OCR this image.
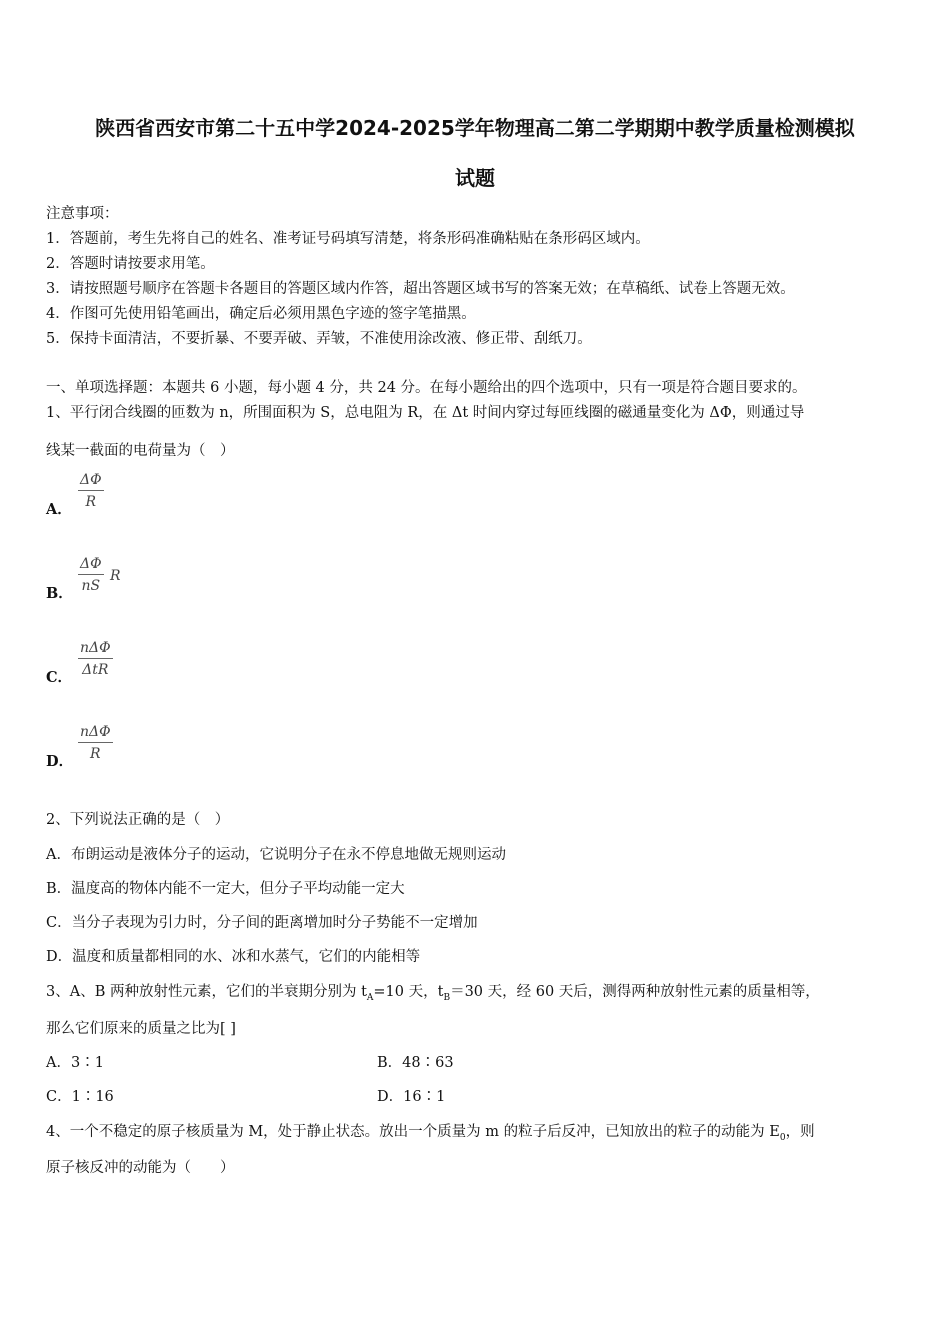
陕西省西安市第二十五中学2024-2025学年物理高二第二学期期中教学质量检测模拟
试题
注意事项：
1．答题前，考生先将自己的姓名、准考证号码填写清楚，将条形码准确粘贴在条形码区域内。
2．答题时请按要求用笔。
3．请按照题号顺序在答题卡各题目的答题区域内作答，超出答题区域书写的答案无效；在草稿纸、试卷上答题无效。
4．作图可先使用铅笔画出，确定后必须用黑色字迹的签字笔描黑。
5．保持卡面清洁，不要折暴、不要弄破、弄皱，不准使用涂改液、修正带、刮纸刀。
一、单项选择题：本题共 6 小题，每小题 4 分，共 24 分。在每小题给出的四个选项中，只有一项是符合题目要求的。
1、平行闭合线圈的匝数为 n，所围面积为 S，总电阻为 R，在 Δt 时间内穿过每匝线圈的磁通量变化为 ΔΦ，则通过导
线某一截面的电荷量为（　）
A． $\frac{\Delta\Phi}{R}$
B． $\frac{\Delta\Phi}{nS}$ R
C．
nΔΦ
ΔtR
D．
nΔΦ
R
2、下列说法正确的是（　）
A．布朗运动是液体分子的运动，它说明分子在永不停息地做无规则运动
B．温度高的物体内能不一定大，但分子平均动能一定大
C．当分子表现为引力时，分子间的距离增加时分子势能不一定增加
D．温度和质量都相同的水、冰和水蒸气，它们的内能相等
3、A、B 两种放射性元素，它们的半衰期分别为 $t_A=10$ 天，$t_B=30$ 天，经 60 天后，测得两种放射性元素的质量相等，
那么它们原来的质量之比为[ ]
A．3∶1	B．48∶63
C．1∶16	D．16∶1
4、一个不稳定的原子核质量为 M，处于静止状态。放出一个质量为 m 的粒子后反冲，已知放出的粒子的动能为 $E_0$，则
原子核反冲的动能为（　　）
